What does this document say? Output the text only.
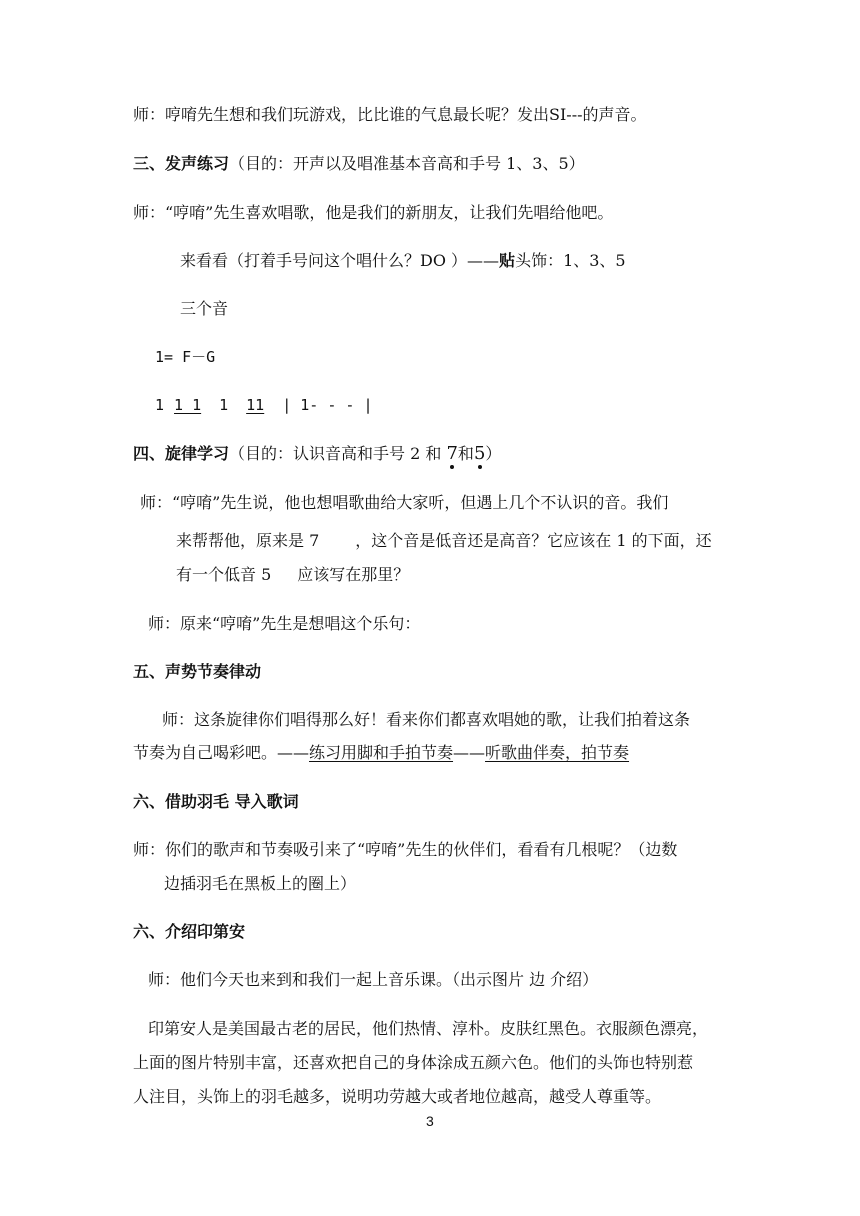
师：哼唷先生想和我们玩游戏，比比谁的气息最长呢？发出SI---的声音。
三、发声练习（目的：开声以及唱准基本音高和手号 1、3、5）
师：“哼唷”先生喜欢唱歌，他是我们的新朋友，让我们先唱给他吧。
来看看（打着手号问这个唱什么？DO ）——贴头饰：1、3、5
三个音
1= F－G
1 1 1 1 11 | 1- - - |
四、旋律学习（目的：认识音高和手号 2 和 7
和5
）
师：“哼唷”先生说，他也想唱歌曲给大家听，但遇上几个不认识的音。我们
来帮帮他，原来是 7 ，这个音是低音还是高音？它应该在 1 的下面，还
有一个低音 5 应该写在那里？
师：原来“哼唷”先生是想唱这个乐句：
五、声势节奏律动
师：这条旋律你们唱得那么好！看来你们都喜欢唱她的歌，让我们拍着这条
节奏为自己喝彩吧。——练习用脚和手拍节奏——听歌曲伴奏，拍节奏
六、借助羽毛 导入歌词
师：你们的歌声和节奏吸引来了“哼唷”先生的伙伴们，看看有几根呢？（边数
边插羽毛在黑板上的圈上）
六、介绍印第安
师：他们今天也来到和我们一起上音乐课。（出示图片 边 介绍）
印第安人是美国最古老的居民，他们热情、淳朴。皮肤红黑色。衣服颜色漂亮，
上面的图片特别丰富，还喜欢把自己的身体涂成五颜六色。他们的头饰也特别惹
人注目，头饰上的羽毛越多，说明功劳越大或者地位越高，越受人尊重等。
3
